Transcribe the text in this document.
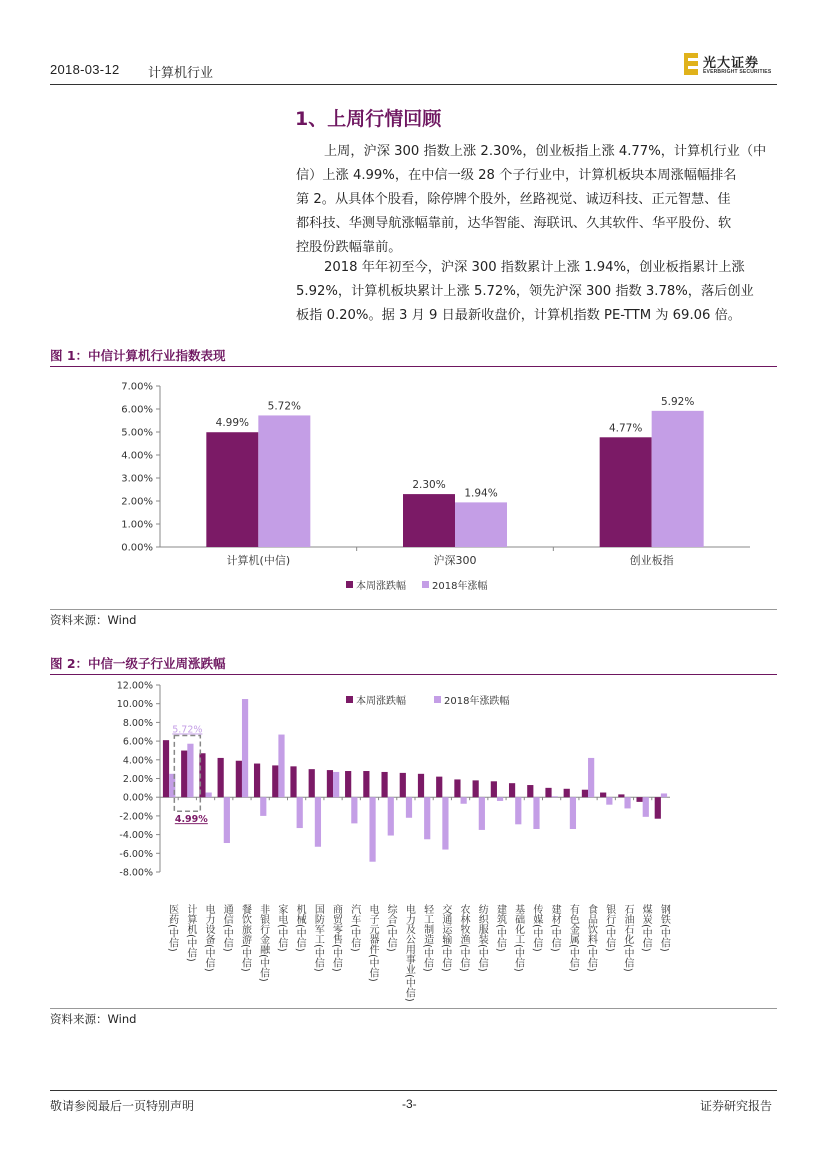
2018-03-12 计算机行业
光大证券
EVERBRIGHT SECURITIES
1、上周行情回顾
上周，沪深 300 指数上涨 2.30%，创业板指上涨 4.77%，计算机行业（中
信）上涨 4.99%，在中信一级 28 个子行业中，计算机板块本周涨幅幅排名
第 2。从具体个股看，除停牌个股外，丝路视觉、诚迈科技、正元智慧、佳
都科技、华测导航涨幅靠前，达华智能、海联讯、久其软件、华平股份、软
控股份跌幅靠前。
2018 年年初至今，沪深 300 指数累计上涨 1.94%，创业板指累计上涨
5.92%，计算机板块累计上涨 5.72%，领先沪深 300 指数 3.78%，落后创业
板指 0.20%。据 3 月 9 日最新收盘价，计算机指数 PE-TTM 为 69.06 倍。
图 1：中信计算机行业指数表现
0.00%
1.00%
2.00%
3.00%
4.00%
5.00%
6.00%
7.00%
4.99%
5.72%
计算机(中信)
2.30%
1.94%
沪深300
4.77%
5.92%
创业板指
本周涨跌幅	2018年涨幅
资料来源：Wind
图 2：中信一级子行业周涨跌幅
-8.00%
-6.00%
-4.00%
-2.00%
0.00%
2.00%
4.00%
6.00%
8.00%
10.00%
12.00%
医药(中信) 计算机(中信) 电力设备(中信) 通信(中信) 餐饮旅游(中信) 非银行金融(中信) 家电(中信) 机械(中信) 国防军工(中信) 商贸零售(中信) 汽车(中信) 电子元器件(中信) 综合(中信) 电力及公用事业(中信) 轻工制造(中信) 交通运输(中信) 农林牧渔(中信) 纺织服装(中信) 建筑(中信) 基础化工(中信) 传媒(中信) 建材(中信) 有色金属(中信) 食品饮料(中信) 银行(中信) 石油石化(中信) 煤炭(中信) 钢铁(中信)
5.72%
4.99%
本周涨跌幅	2018年涨跌幅
资料来源：Wind
敬请参阅最后一页特别声明	-3-	证券研究报告
